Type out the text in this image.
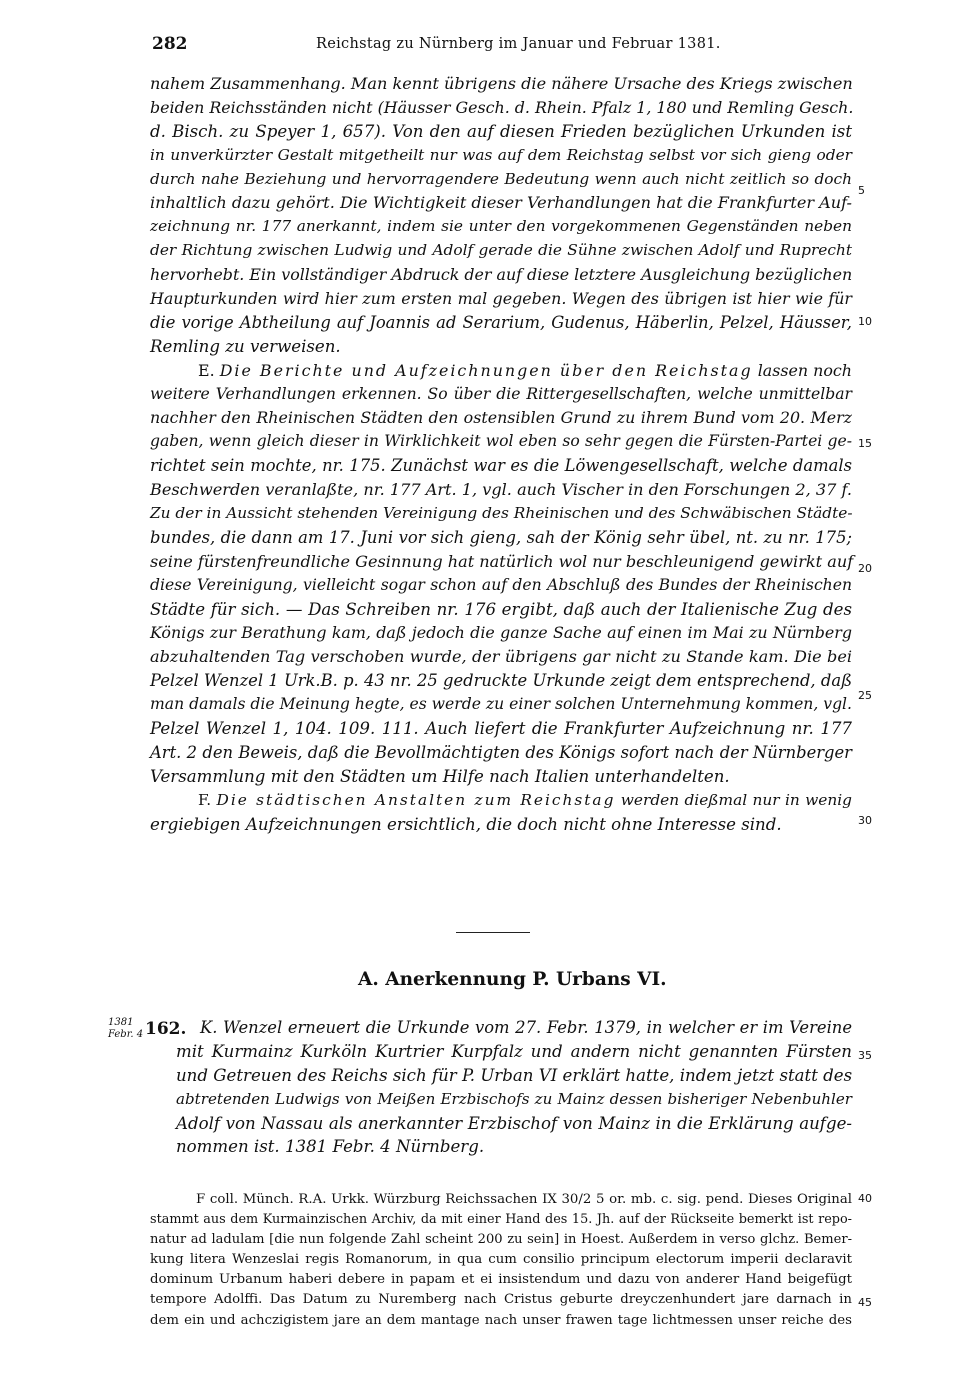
282	Reichstag zu Nürnberg im Januar und Februar 1381.
nahem Zusammenhang. Man kennt übrigens die nähere Ursache des Kriegs zwischen
beiden Reichsständen nicht (Häusser Gesch. d. Rhein. Pfalz 1, 180 und Remling Gesch.
d. Bisch. zu Speyer 1, 657). Von den auf diesen Frieden bezüglichen Urkunden ist
in unverkürzter Gestalt mitgetheilt nur was auf dem Reichstag selbst vor sich gieng oder
durch nahe Beziehung und hervorragendere Bedeutung wenn auch nicht zeitlich so doch
inhaltlich dazu gehört. Die Wichtigkeit dieser Verhandlungen hat die Frankfurter Auf-
zeichnung nr. 177 anerkannt, indem sie unter den vorgekommenen Gegenständen neben
der Richtung zwischen Ludwig und Adolf gerade die Sühne zwischen Adolf und Ruprecht
hervorhebt. Ein vollständiger Abdruck der auf diese letztere Ausgleichung bezüglichen
Haupturkunden wird hier zum ersten mal gegeben. Wegen des übrigen ist hier wie für
die vorige Abtheilung auf Joannis ad Serarium, Gudenus, Häberlin, Pelzel, Häusser,
Remling zu verweisen.
E. Die Berichte und Aufzeichnungen über den Reichstag lassen noch
weitere Verhandlungen erkennen. So über die Rittergesellschaften, welche unmittelbar
nachher den Rheinischen Städten den ostensiblen Grund zu ihrem Bund vom 20. Merz
gaben, wenn gleich dieser in Wirklichkeit wol eben so sehr gegen die Fürsten-Partei ge-
richtet sein mochte, nr. 175. Zunächst war es die Löwengesellschaft, welche damals
Beschwerden veranlaßte, nr. 177 Art. 1, vgl. auch Vischer in den Forschungen 2, 37 f.
Zu der in Aussicht stehenden Vereinigung des Rheinischen und des Schwäbischen Städte-
bundes, die dann am 17. Juni vor sich gieng, sah der König sehr übel, nt. zu nr. 175;
seine fürstenfreundliche Gesinnung hat natürlich wol nur beschleunigend gewirkt auf
diese Vereinigung, vielleicht sogar schon auf den Abschluß des Bundes der Rheinischen
Städte für sich. — Das Schreiben nr. 176 ergibt, daß auch der Italienische Zug des
Königs zur Berathung kam, daß jedoch die ganze Sache auf einen im Mai zu Nürnberg
abzuhaltenden Tag verschoben wurde, der übrigens gar nicht zu Stande kam. Die bei
Pelzel Wenzel 1 Urk.B. p. 43 nr. 25 gedruckte Urkunde zeigt dem entsprechend, daß
man damals die Meinung hegte, es werde zu einer solchen Unternehmung kommen, vgl.
Pelzel Wenzel 1, 104. 109. 111. Auch liefert die Frankfurter Aufzeichnung nr. 177
Art. 2 den Beweis, daß die Bevollmächtigten des Königs sofort nach der Nürnberger
Versammlung mit den Städten um Hilfe nach Italien unterhandelten.
F. Die städtischen Anstalten zum Reichstag werden dießmal nur in wenig
ergiebigen Aufzeichnungen ersichtlich, die doch nicht ohne Interesse sind.
5
10
15
20
25
30
35
40
45
A. Anerkennung P. Urbans VI.
1381
Febr. 4 162. K. Wenzel erneuert die Urkunde vom 27. Febr. 1379, in welcher er im Vereine
mit Kurmainz Kurköln Kurtrier Kurpfalz und andern nicht genannten Fürsten
und Getreuen des Reichs sich für P. Urban VI erklärt hatte, indem jetzt statt des
abtretenden Ludwigs von Meißen Erzbischofs zu Mainz dessen bisheriger Nebenbuhler
Adolf von Nassau als anerkannter Erzbischof von Mainz in die Erklärung aufge-
nommen ist. 1381 Febr. 4 Nürnberg.
F coll. Münch. R.A. Urkk. Würzburg Reichssachen IX 30/2 5 or. mb. c. sig. pend. Dieses Original
stammt aus dem Kurmainzischen Archiv, da mit einer Hand des 15. Jh. auf der Rückseite bemerkt ist repo-
natur ad ladulam [die nun folgende Zahl scheint 200 zu sein] in Hoest. Außerdem in verso glchz. Bemer-
kung litera Wenzeslai regis Romanorum, in qua cum consilio principum electorum imperii declaravit
dominum Urbanum haberi debere in papam et ei insistendum und dazu von anderer Hand beigefügt
tempore Adolffi. Das Datum zu Nuremberg nach Cristus geburte dreyczenhundert jare darnach in
dem ein und achczigistem jare an dem mantage nach unser frawen tage lichtmessen unser reiche des
